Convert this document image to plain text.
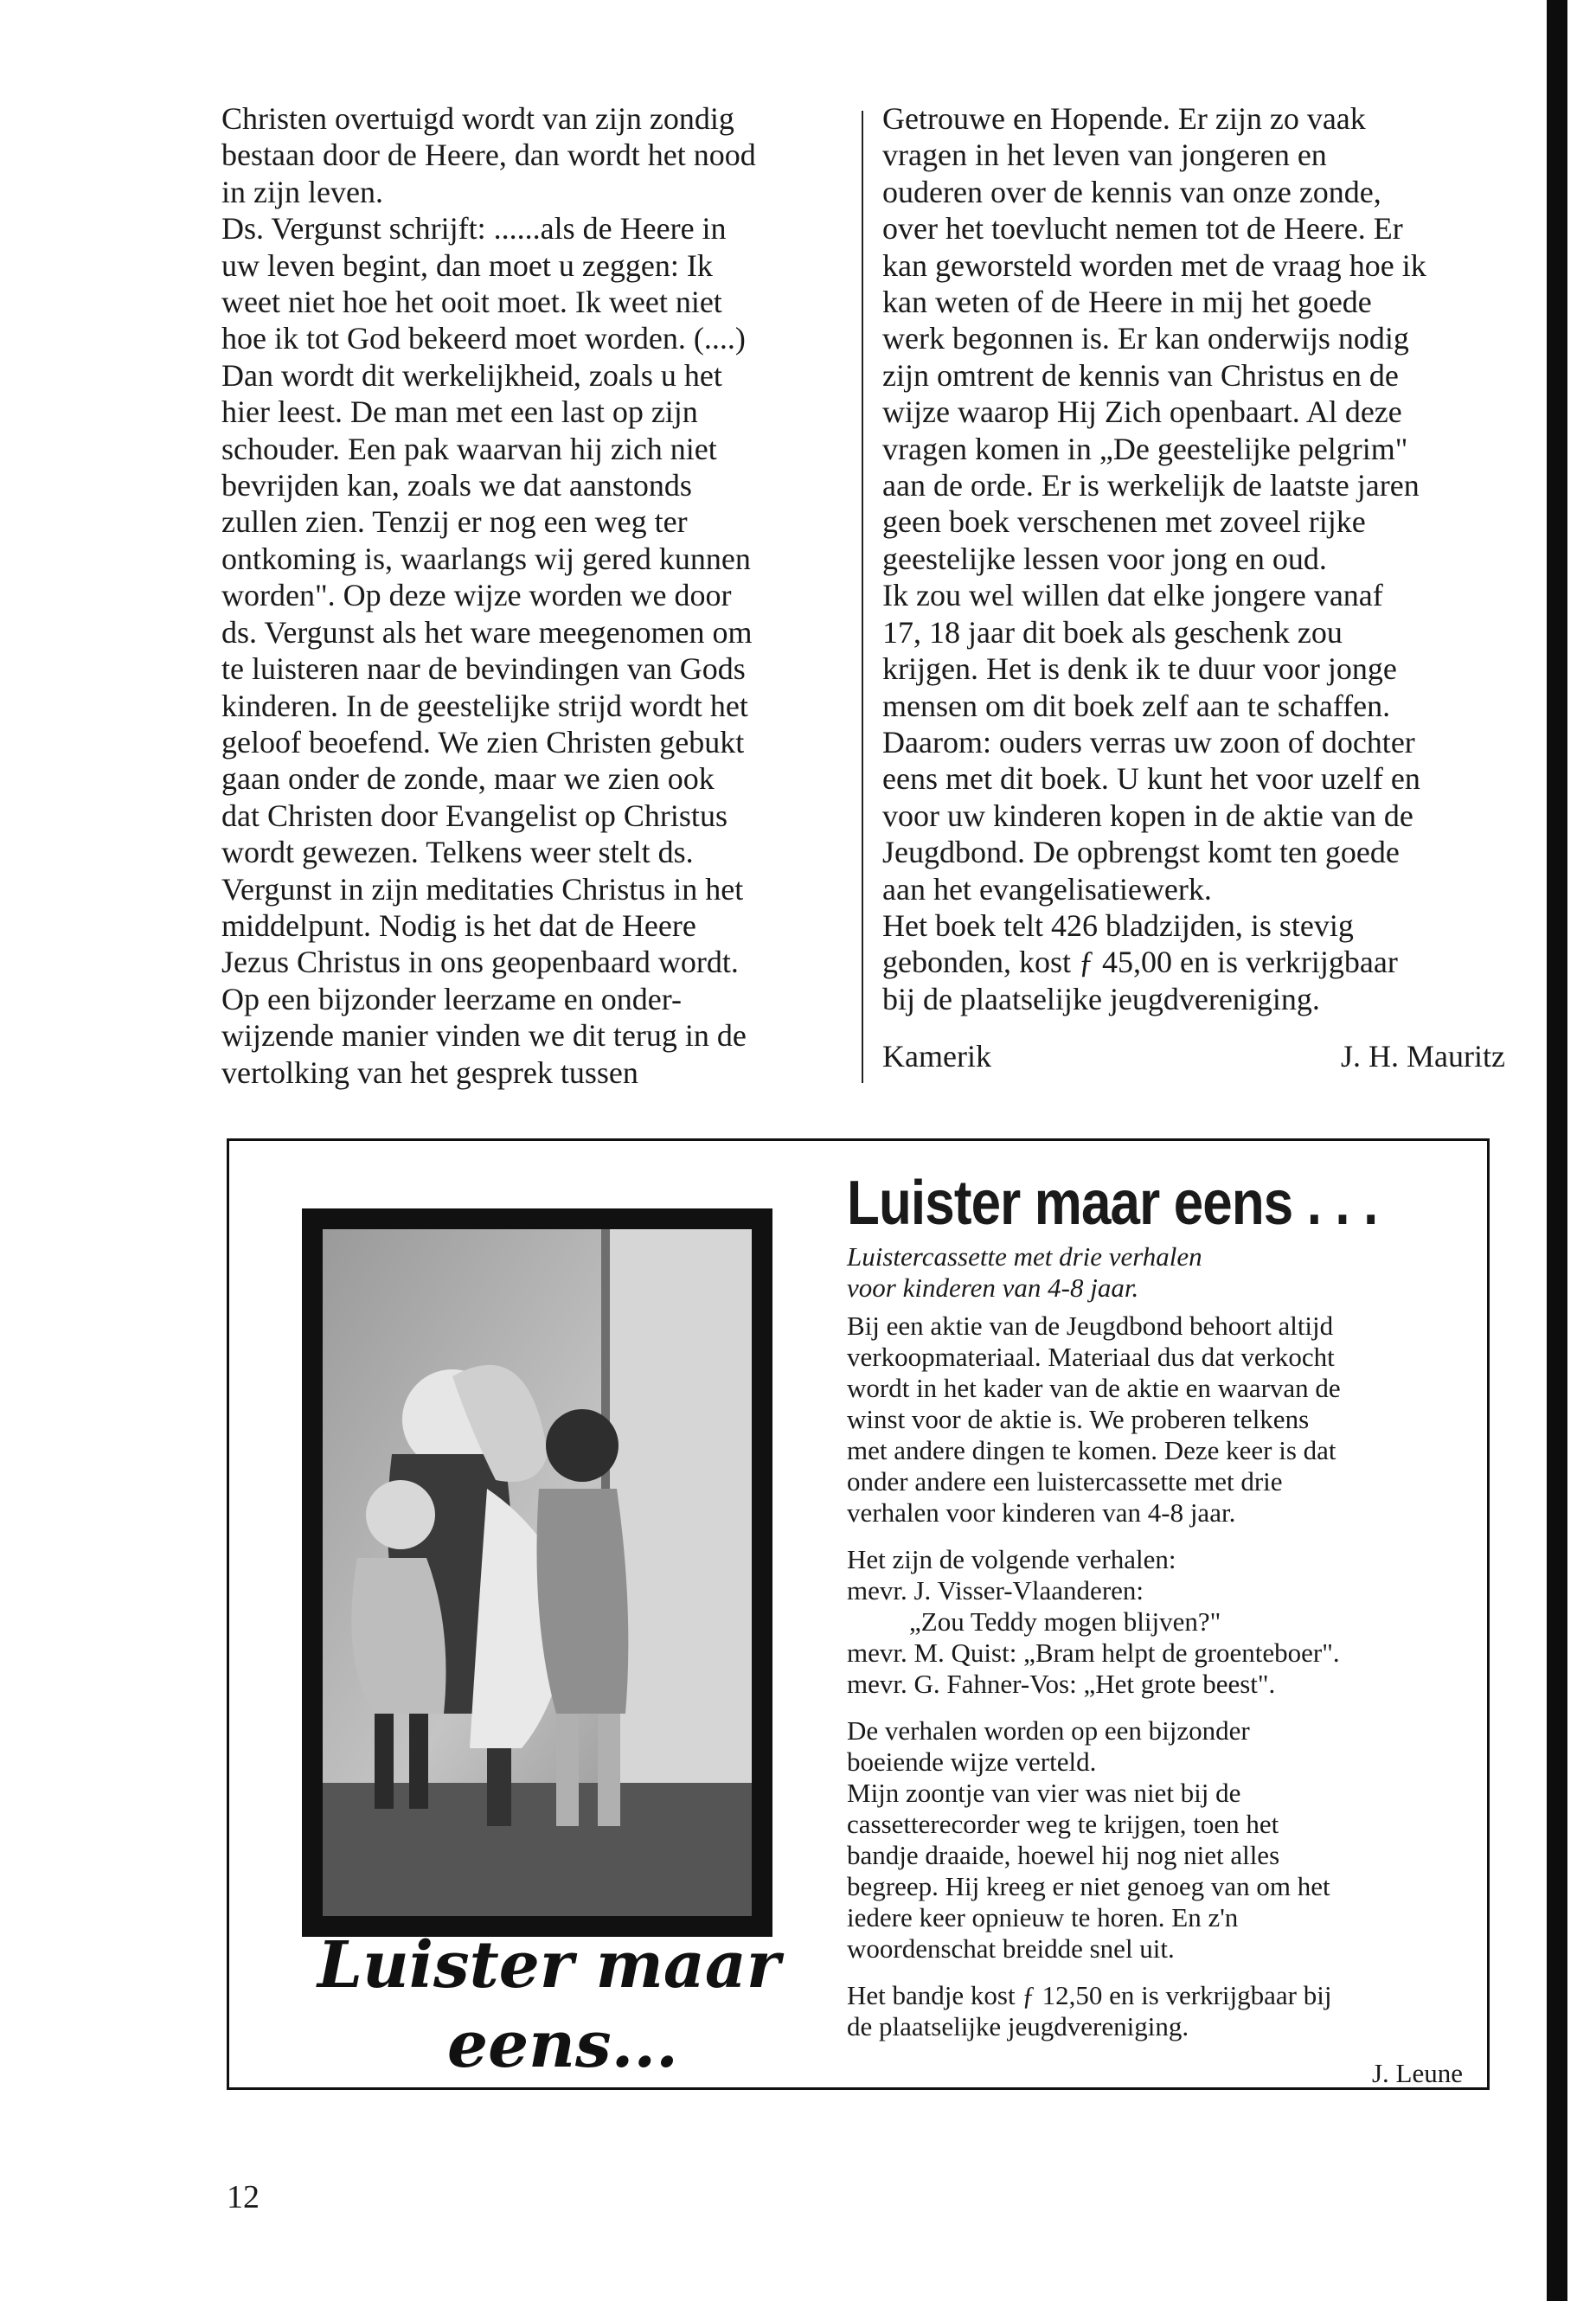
Christen overtuigd wordt van zijn zondig

bestaan door de Heere, dan wordt het nood

in zijn leven.

Ds. Vergunst schrijft: ......als de Heere in

uw leven begint, dan moet u zeggen: Ik

weet niet hoe het ooit moet. Ik weet niet

hoe ik tot God bekeerd moet worden. (....)

Dan wordt dit werkelijkheid, zoals u het

hier leest. De man met een last op zijn

schouder. Een pak waarvan hij zich niet

bevrijden kan, zoals we dat aanstonds

zullen zien. Tenzij er nog een weg ter

ontkoming is, waarlangs wij gered kunnen

worden". Op deze wijze worden we door

ds. Vergunst als het ware meegenomen om

te luisteren naar de bevindingen van Gods

kinderen. In de geestelijke strijd wordt het

geloof beoefend. We zien Christen gebukt

gaan onder de zonde, maar we zien ook

dat Christen door Evangelist op Christus

wordt gewezen. Telkens weer stelt ds.

Vergunst in zijn meditaties Christus in het

middelpunt. Nodig is het dat de Heere

Jezus Christus in ons geopenbaard wordt.

Op een bijzonder leerzame en onder-

wijzende manier vinden we dit terug in de

vertolking van het gesprek tussen

Getrouwe en Hopende. Er zijn zo vaak

vragen in het leven van jongeren en

ouderen over de kennis van onze zonde,

over het toevlucht nemen tot de Heere. Er

kan geworsteld worden met de vraag hoe ik

kan weten of de Heere in mij het goede

werk begonnen is. Er kan onderwijs nodig

zijn omtrent de kennis van Christus en de

wijze waarop Hij Zich openbaart. Al deze

vragen komen in „De geestelijke pelgrim"

aan de orde. Er is werkelijk de laatste jaren

geen boek verschenen met zoveel rijke

geestelijke lessen voor jong en oud.

Ik zou wel willen dat elke jongere vanaf

17, 18 jaar dit boek als geschenk zou

krijgen. Het is denk ik te duur voor jonge

mensen om dit boek zelf aan te schaffen.

Daarom: ouders verras uw zoon of dochter

eens met dit boek. U kunt het voor uzelf en

voor uw kinderen kopen in de aktie van de

Jeugdbond. De opbrengst komt ten goede

aan het evangelisatiewerk.

Het boek telt 426 bladzijden, is stevig

gebonden, kost ƒ 45,00 en is verkrijgbaar

bij de plaatselijke jeugdvereniging.

Kamerik	J. H. Mauritz
Luister maar
eens...
Luister maar eens . . .

Luistercassette met drie verhalen

voor kinderen van 4-8 jaar.

Bij een aktie van de Jeugdbond behoort altijd

verkoopmateriaal. Materiaal dus dat verkocht

wordt in het kader van de aktie en waarvan de

winst voor de aktie is. We proberen telkens

met andere dingen te komen. Deze keer is dat

onder andere een luistercassette met drie

verhalen voor kinderen van 4-8 jaar.

Het zijn de volgende verhalen:

mevr. J. Visser-Vlaanderen:

„Zou Teddy mogen blijven?"

mevr. M. Quist: „Bram helpt de groenteboer".

mevr. G. Fahner-Vos: „Het grote beest".

De verhalen worden op een bijzonder

boeiende wijze verteld.

Mijn zoontje van vier was niet bij de

cassetterecorder weg te krijgen, toen het

bandje draaide, hoewel hij nog niet alles

begreep. Hij kreeg er niet genoeg van om het

iedere keer opnieuw te horen. En z'n

woordenschat breidde snel uit.

Het bandje kost ƒ 12,50 en is verkrijgbaar bij

de plaatselijke jeugdvereniging.

J. Leune

12
